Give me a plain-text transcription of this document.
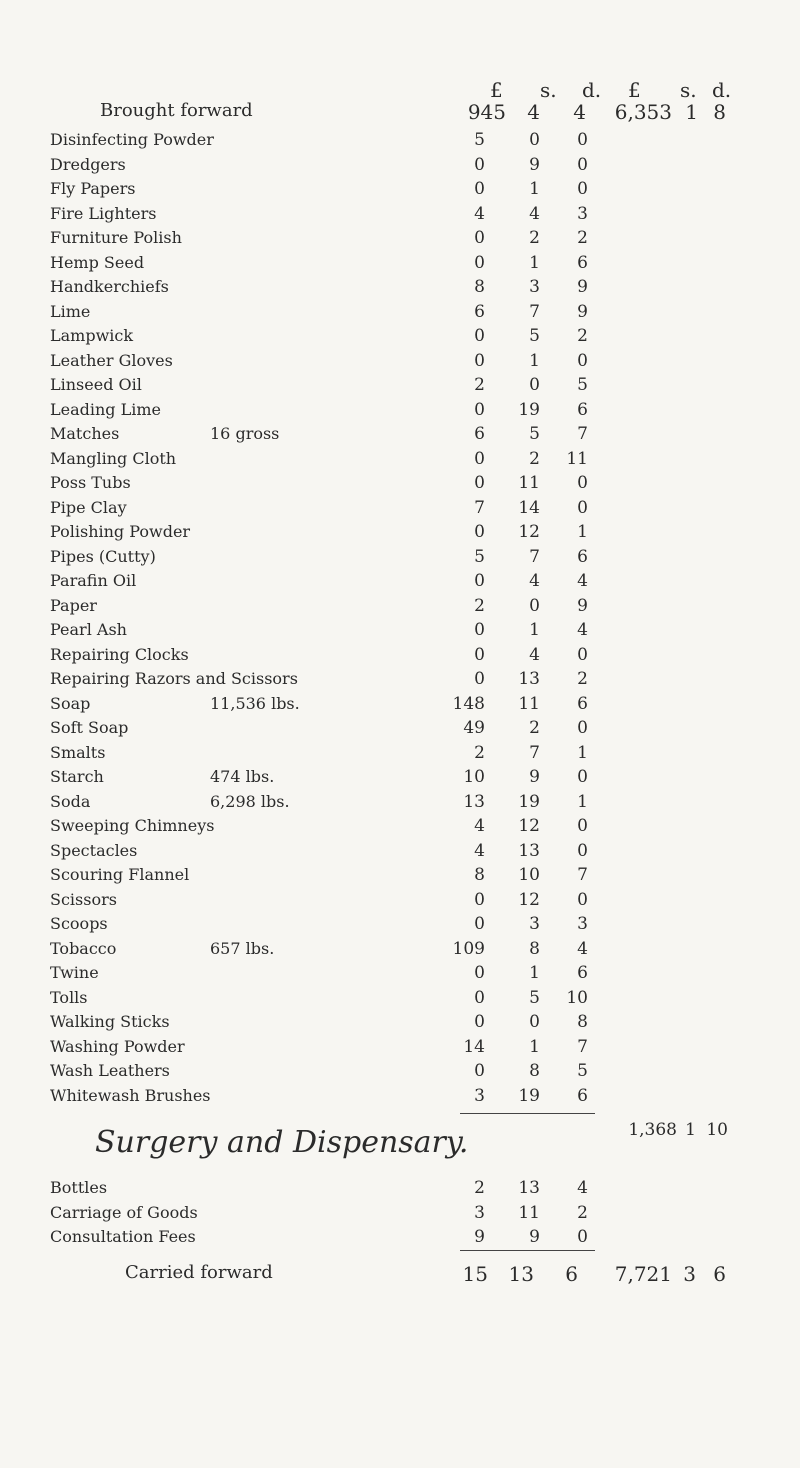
£ s. d. £ s. d.
Brought forward	945	4	4	6,353 1 8
Disinfecting Powder	5	0	0
Dredgers	0	9	0
Fly Papers	0	1	0
Fire Lighters	4	4	3
Furniture Polish	0	2	2
Hemp Seed	0	1	6
Handkerchiefs	8	3	9
Lime	6	7	9
Lampwick	0	5	2
Leather Gloves	0	1	0
Linseed Oil	2	0	5
Leading Lime	0	19	6
Matches	16 gross	6	5	7
Mangling Cloth	0	2	11
Poss Tubs	0	11	0
Pipe Clay	7	14	0
Polishing Powder	0	12	1
Pipes (Cutty)	5	7	6
Parafin Oil	0	4	4
Paper	2	0	9
Pearl Ash	0	1	4
Repairing Clocks	0	4	0
Repairing Razors and Scissors	0	13	2
Soap	11,536 lbs.	148	11	6
Soft Soap	49	2	0
Smalts	2	7	1
Starch	474 lbs.	10	9	0
Soda	6,298 lbs.	13	19	1
Sweeping Chimneys	4	12	0
Spectacles	4	13	0
Scouring Flannel	8	10	7
Scissors	0	12	0
Scoops	0	3	3
Tobacco	657 lbs.	109	8	4
Twine	0	1	6
Tolls	0	5	10
Walking Sticks	0	0	8
Washing Powder	14	1	7
Wash Leathers	0	8	5
Whitewash Brushes	3	19	6
1,368 1 10
Surgery and Dispensary.
Bottles	2	13	4
Carriage of Goods	3	11	2
Consultation Fees	9	9	0
Carried forward	15 13	6	7,721 3 6
